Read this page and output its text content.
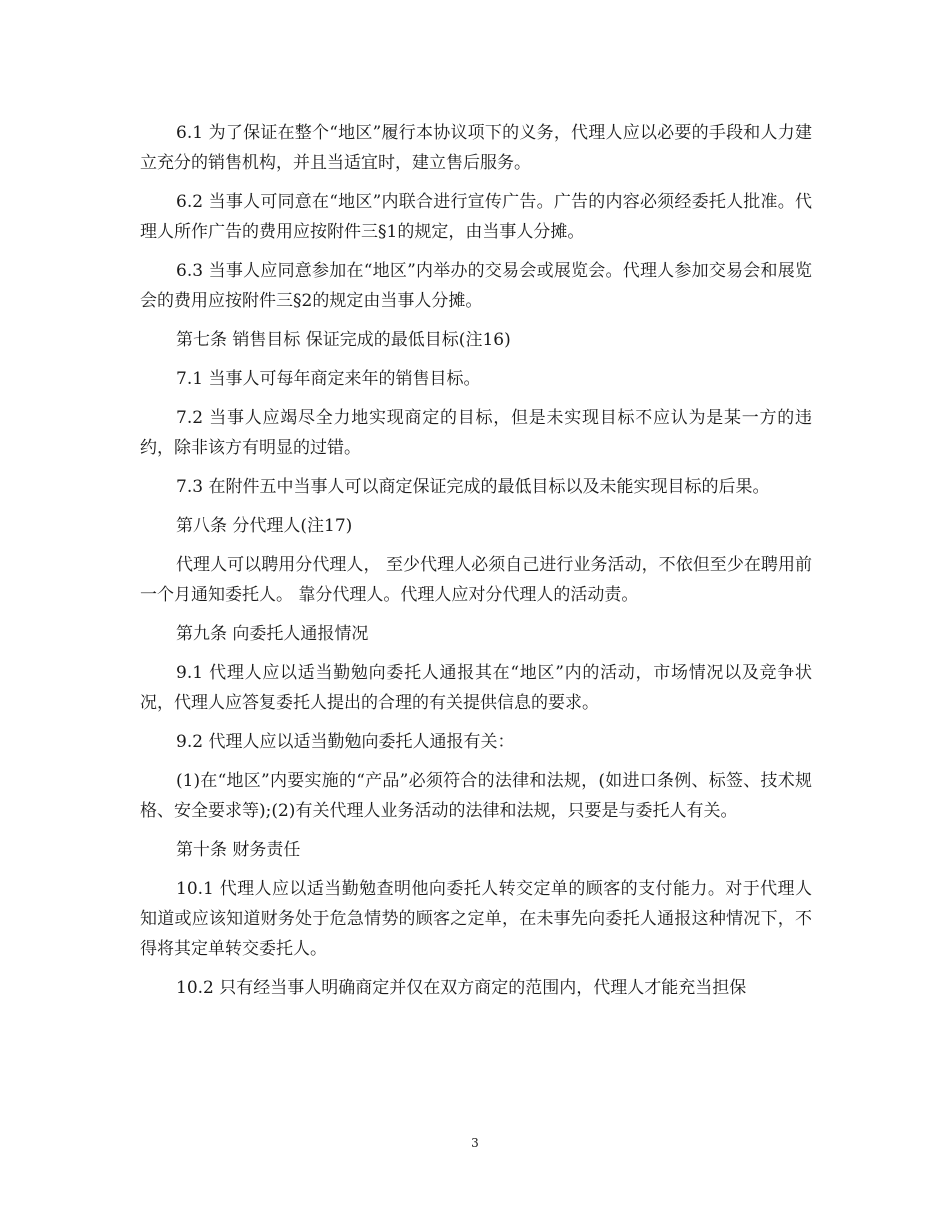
6.1 为了保证在整个“地区”履行本协议项下的义务，代理人应以必要的手段和人力建立充分的销售机构，并且当适宜时，建立售后服务。

6.2 当事人可同意在“地区”内联合进行宣传广告。广告的内容必须经委托人批准。代理人所作广告的费用应按附件三§1的规定，由当事人分摊。

6.3 当事人应同意参加在“地区”内举办的交易会或展览会。代理人参加交易会和展览会的费用应按附件三§2的规定由当事人分摊。

第七条 销售目标 保证完成的最低目标(注16)

7.1 当事人可每年商定来年的销售目标。

7.2 当事人应竭尽全力地实现商定的目标，但是未实现目标不应认为是某一方的违约，除非该方有明显的过错。

7.3 在附件五中当事人可以商定保证完成的最低目标以及未能实现目标的后果。

第八条 分代理人(注17)

代理人可以聘用分代理人， 至少代理人必须自己进行业务活动，不依但至少在聘用前一个月通知委托人。 靠分代理人。代理人应对分代理人的活动责。

第九条 向委托人通报情况

9.1 代理人应以适当勤勉向委托人通报其在“地区”内的活动，市场情况以及竞争状况，代理人应答复委托人提出的合理的有关提供信息的要求。

9.2 代理人应以适当勤勉向委托人通报有关：

(1)在“地区”内要实施的“产品”必须符合的法律和法规，(如进口条例、标签、技术规格、安全要求等);(2)有关代理人业务活动的法律和法规，只要是与委托人有关。

第十条 财务责任

10.1 代理人应以适当勤勉查明他向委托人转交定单的顾客的支付能力。对于代理人知道或应该知道财务处于危急情势的顾客之定单，在未事先向委托人通报这种情况下，不得将其定单转交委托人。

10.2 只有经当事人明确商定并仅在双方商定的范围内，代理人才能充当担保

3
